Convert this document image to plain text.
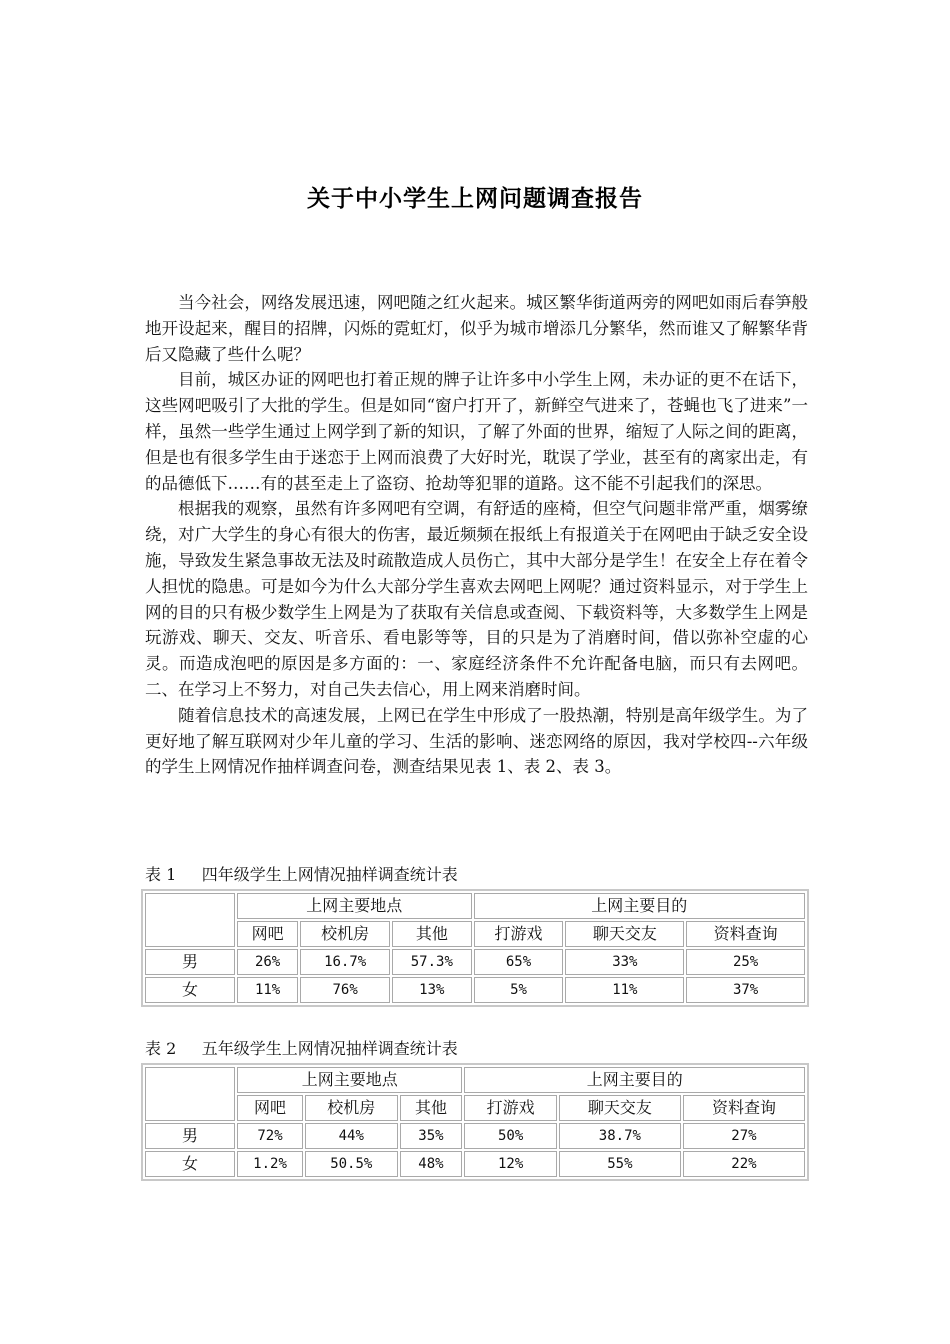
关于中小学生上网问题调查报告

当今社会，网络发展迅速，网吧随之红火起来。城区繁华街道两旁的网吧如雨后春笋般地开设起来，醒目的招牌，闪烁的霓虹灯，似乎为城市增添几分繁华，然而谁又了解繁华背后又隐藏了些什么呢？

目前，城区办证的网吧也打着正规的牌子让许多中小学生上网，未办证的更不在话下，这些网吧吸引了大批的学生。但是如同“窗户打开了，新鲜空气进来了，苍蝇也飞了进来”一样，虽然一些学生通过上网学到了新的知识，了解了外面的世界，缩短了人际之间的距离，但是也有很多学生由于迷恋于上网而浪费了大好时光，耽误了学业，甚至有的离家出走，有的品德低下……有的甚至走上了盗窃、抢劫等犯罪的道路。这不能不引起我们的深思。

根据我的观察，虽然有许多网吧有空调，有舒适的座椅，但空气问题非常严重，烟雾缭绕，对广大学生的身心有很大的伤害，最近频频在报纸上有报道关于在网吧由于缺乏安全设施，导致发生紧急事故无法及时疏散造成人员伤亡，其中大部分是学生！在安全上存在着令人担忧的隐患。可是如今为什么大部分学生喜欢去网吧上网呢？通过资料显示，对于学生上网的目的只有极少数学生上网是为了获取有关信息或查阅、下载资料等，大多数学生上网是玩游戏、聊天、交友、听音乐、看电影等等，目的只是为了消磨时间，借以弥补空虚的心灵。而造成泡吧的原因是多方面的：一、家庭经济条件不允许配备电脑，而只有去网吧。二、在学习上不努力，对自己失去信心，用上网来消磨时间。

随着信息技术的高速发展，上网已在学生中形成了一股热潮，特别是高年级学生。为了更好地了解互联网对少年儿童的学习、生活的影响、迷恋网络的原因，我对学校四--六年级的学生上网情况作抽样调查问卷，测查结果见表 1、表 2、表 3。

表 1     四年级学生上网情况抽样调查统计表
	上网主要地点			上网主要目的		
	网吧	校机房	其他	打游戏	聊天交友	资料查询
男	26%	16.7%	57.3%	65%	33%	25%
女	11%	76%	13%	5%	11%	37%
表 2     五年级学生上网情况抽样调查统计表
	上网主要地点			上网主要目的		
	网吧	校机房	其他	打游戏	聊天交友	资料查询
男	72%	44%	35%	50%	38.7%	27%
女	1.2%	50.5%	48%	12%	55%	22%
